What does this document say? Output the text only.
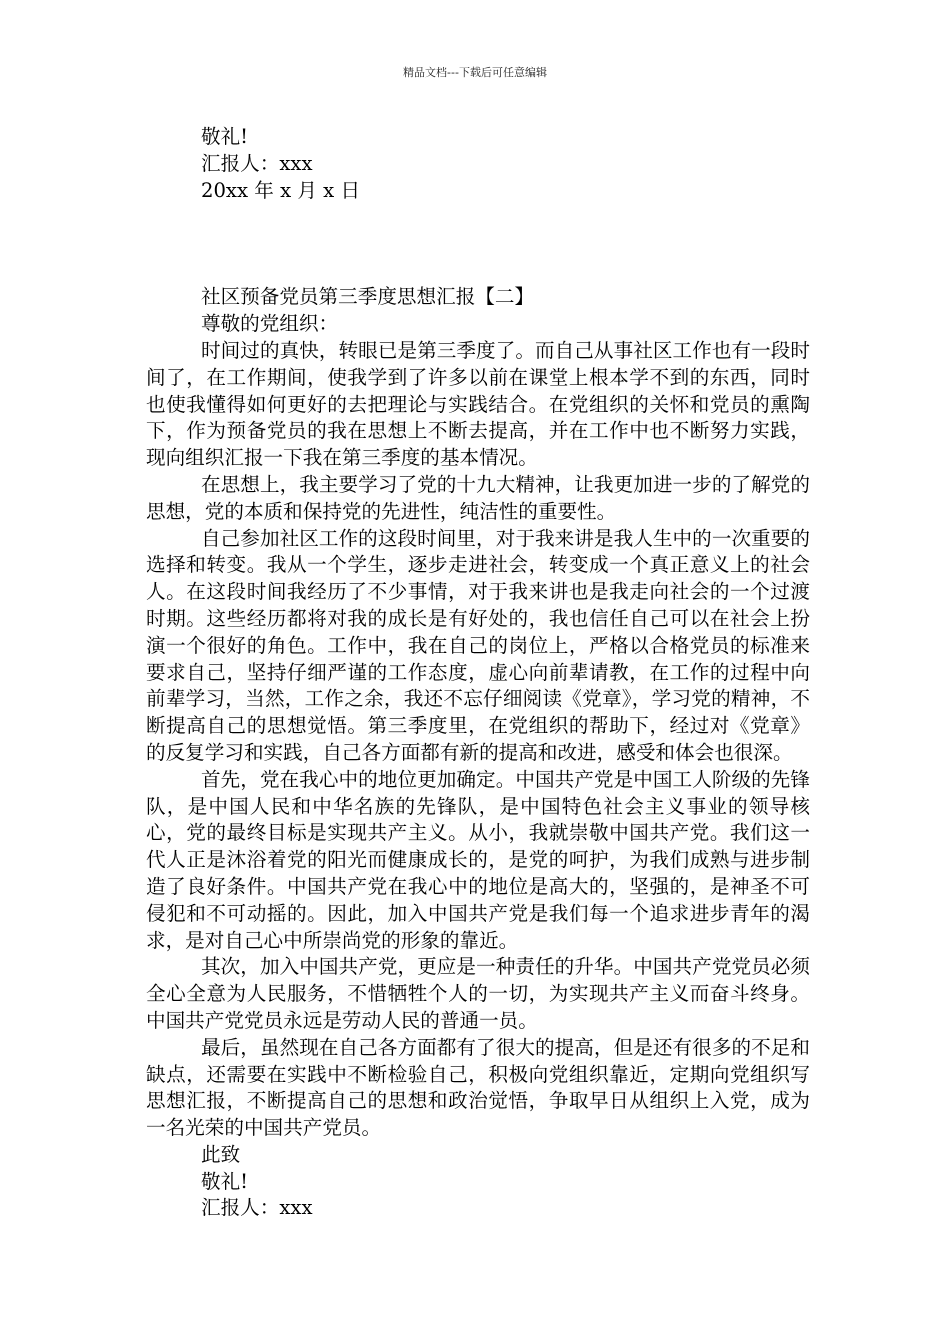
精品文档---下载后可任意编辑

敬礼!

汇报人：xxx

20xx 年 x 月 x 日

社区预备党员第三季度思想汇报【二】

尊敬的党组织：

时间过的真快，转眼已是第三季度了。而自己从事社区工作也有一段时间了，在工作期间，使我学到了许多以前在课堂上根本学不到的东西，同时也使我懂得如何更好的去把理论与实践结合。在党组织的关怀和党员的熏陶下，作为预备党员的我在思想上不断去提高，并在工作中也不断努力实践，现向组织汇报一下我在第三季度的基本情况。

在思想上，我主要学习了党的十九大精神，让我更加进一步的了解党的思想，党的本质和保持党的先进性，纯洁性的重要性。

自己参加社区工作的这段时间里，对于我来讲是我人生中的一次重要的选择和转变。我从一个学生，逐步走进社会，转变成一个真正意义上的社会人。在这段时间我经历了不少事情，对于我来讲也是我走向社会的一个过渡时期。这些经历都将对我的成长是有好处的，我也信任自己可以在社会上扮演一个很好的角色。工作中，我在自己的岗位上，严格以合格党员的标准来要求自己，坚持仔细严谨的工作态度，虚心向前辈请教，在工作的过程中向前辈学习，当然，工作之余，我还不忘仔细阅读《党章》，学习党的精神，不断提高自己的思想觉悟。第三季度里，在党组织的帮助下，经过对《党章》的反复学习和实践，自己各方面都有新的提高和改进，感受和体会也很深。

首先，党在我心中的地位更加确定。中国共产党是中国工人阶级的先锋队，是中国人民和中华名族的先锋队，是中国特色社会主义事业的领导核心，党的最终目标是实现共产主义。从小，我就崇敬中国共产党。我们这一代人正是沐浴着党的阳光而健康成长的，是党的呵护，为我们成熟与进步制造了良好条件。中国共产党在我心中的地位是高大的，坚强的，是神圣不可侵犯和不可动摇的。因此，加入中国共产党是我们每一个追求进步青年的渴求，是对自己心中所崇尚党的形象的靠近。

其次，加入中国共产党，更应是一种责任的升华。中国共产党党员必须全心全意为人民服务，不惜牺牲个人的一切，为实现共产主义而奋斗终身。中国共产党党员永远是劳动人民的普通一员。

最后，虽然现在自己各方面都有了很大的提高，但是还有很多的不足和缺点，还需要在实践中不断检验自己，积极向党组织靠近，定期向党组织写思想汇报，不断提高自己的思想和政治觉悟，争取早日从组织上入党，成为一名光荣的中国共产党员。

此致

敬礼!

汇报人：xxx
